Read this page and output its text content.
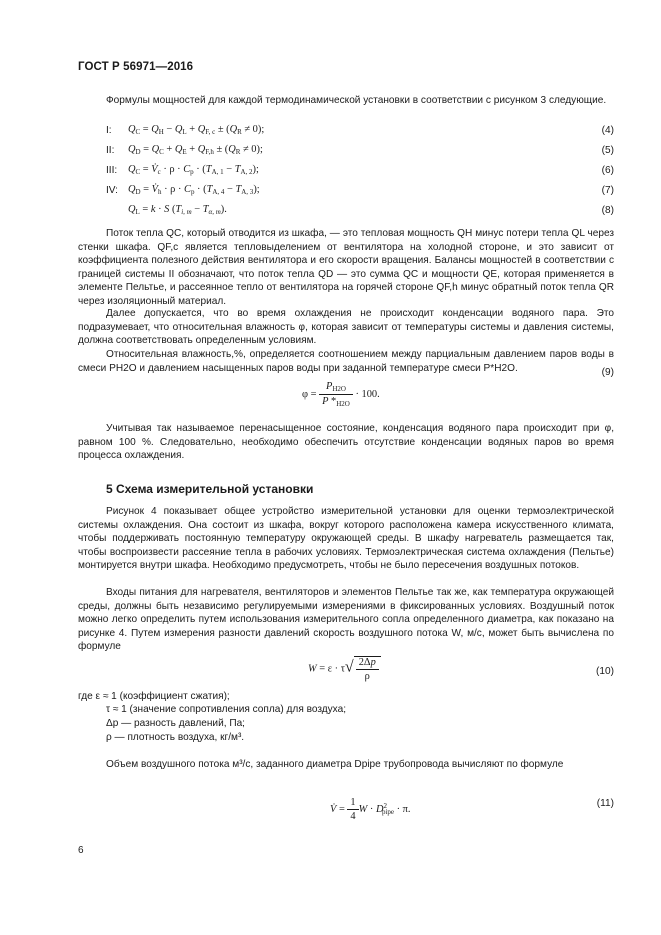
ГОСТ Р 56971—2016
Формулы мощностей для каждой термодинамической установки в соответствии с рисунком 3 следующие.
I: $Q_C = Q_H - Q_L + Q_{F, c} \pm (Q_R \ne 0)$;	(4)
II: $Q_D = Q_C + Q_E + Q_{F,h} \pm (Q_R \ne 0)$;	(5)
III: $Q_C$ = $V̇_c \cdot \rho \cdot C_p \cdot (T_{A, 1} - T_{A, 2})$;	(6)
IV: $Q_D$ = $V̇_h \cdot \rho \cdot C_p \cdot (T_{A, 4} - T_{A, 3})$;	(7)
$Q_L = k \cdot S$ $(T_{i, m} - T_{\alpha, m})$.	(8)
Поток тепла QC, который отводится из шкафа, — это тепловая мощность QH минус потери тепла QL через стенки шкафа. QF,c является тепловыделением от вентилятора на холодной стороне, и это зависит от коэффициента полезного действия вентилятора и его скорости вращения. Балансы мощностей в соответствии с границей системы II обозначают, что поток тепла QD — это сумма QC и мощности QE, которая применяется в элементе Пельтье, и рассеянное тепло от вентилятора на горячей стороне QF,h минус обратный поток тепла QR через изоляционный материал.
Далее допускается, что во время охлаждения не происходит конденсации водяного пара. Это подразумевает, что относительная влажность φ, которая зависит от температуры системы и давления системы, должна соответствовать определенным условиям.
Относительная влажность,%, определяется соотношением между парциальным давлением паров воды в смеси PH2O и давлением насыщенных паров воды при заданной температуре смеси P*H2O.
$\varphi = \frac{P_{H2O}}{P *_{H2O}} \cdot 100$.
(9)
Учитывая так называемое перенасыщенное состояние, конденсация водяного пара происходит при φ, равном 100 %. Следовательно, необходимо обеспечить отсутствие конденсации водяных паров во время процесса охлаждения.
5 Схема измерительной установки
Рисунок 4 показывает общее устройство измерительной установки для оценки термоэлектрической системы охлаждения. Она состоит из шкафа, вокруг которого расположена камера искусственного климата, чтобы поддерживать постоянную температуру окружающей среды. В шкафу нагреватель размещается так, чтобы воспроизвести рассеяние тепла в рабочих условиях. Термоэлектрическая система охлаждения (Пельтье) монтируется внутри шкафа. Необходимо предусмотреть, чтобы не было пересечения воздушных потоков.
Входы питания для нагревателя, вентиляторов и элементов Пельтье так же, как температура окружающей среды, должны быть независимо регулируемыми измерениями в фиксированных условиях. Воздушный поток можно легко определить путем использования измерительного сопла определенного диаметра, как показано на рисунке 4. Путем измерения разности давлений скорость воздушного потока W, м/с, может быть вычислена по формуле
$W = \varepsilon \cdot \tau√ \frac{2\Delta p}{\rho}$	(10)
где ε ≈ 1 (коэффициент сжатия);
τ ≈ 1 (значение сопротивления сопла) для воздуха;
Δp — разность давлений, Па;
ρ — плотность воздуха, кг/м³.
Объем воздушного потока м³/с, заданного диаметра Dpipe трубопровода вычисляют по формуле
V̇ = $\frac{1}{4}$ $W \cdot D^2_{pipe} \cdot \pi$.
(11)
6
